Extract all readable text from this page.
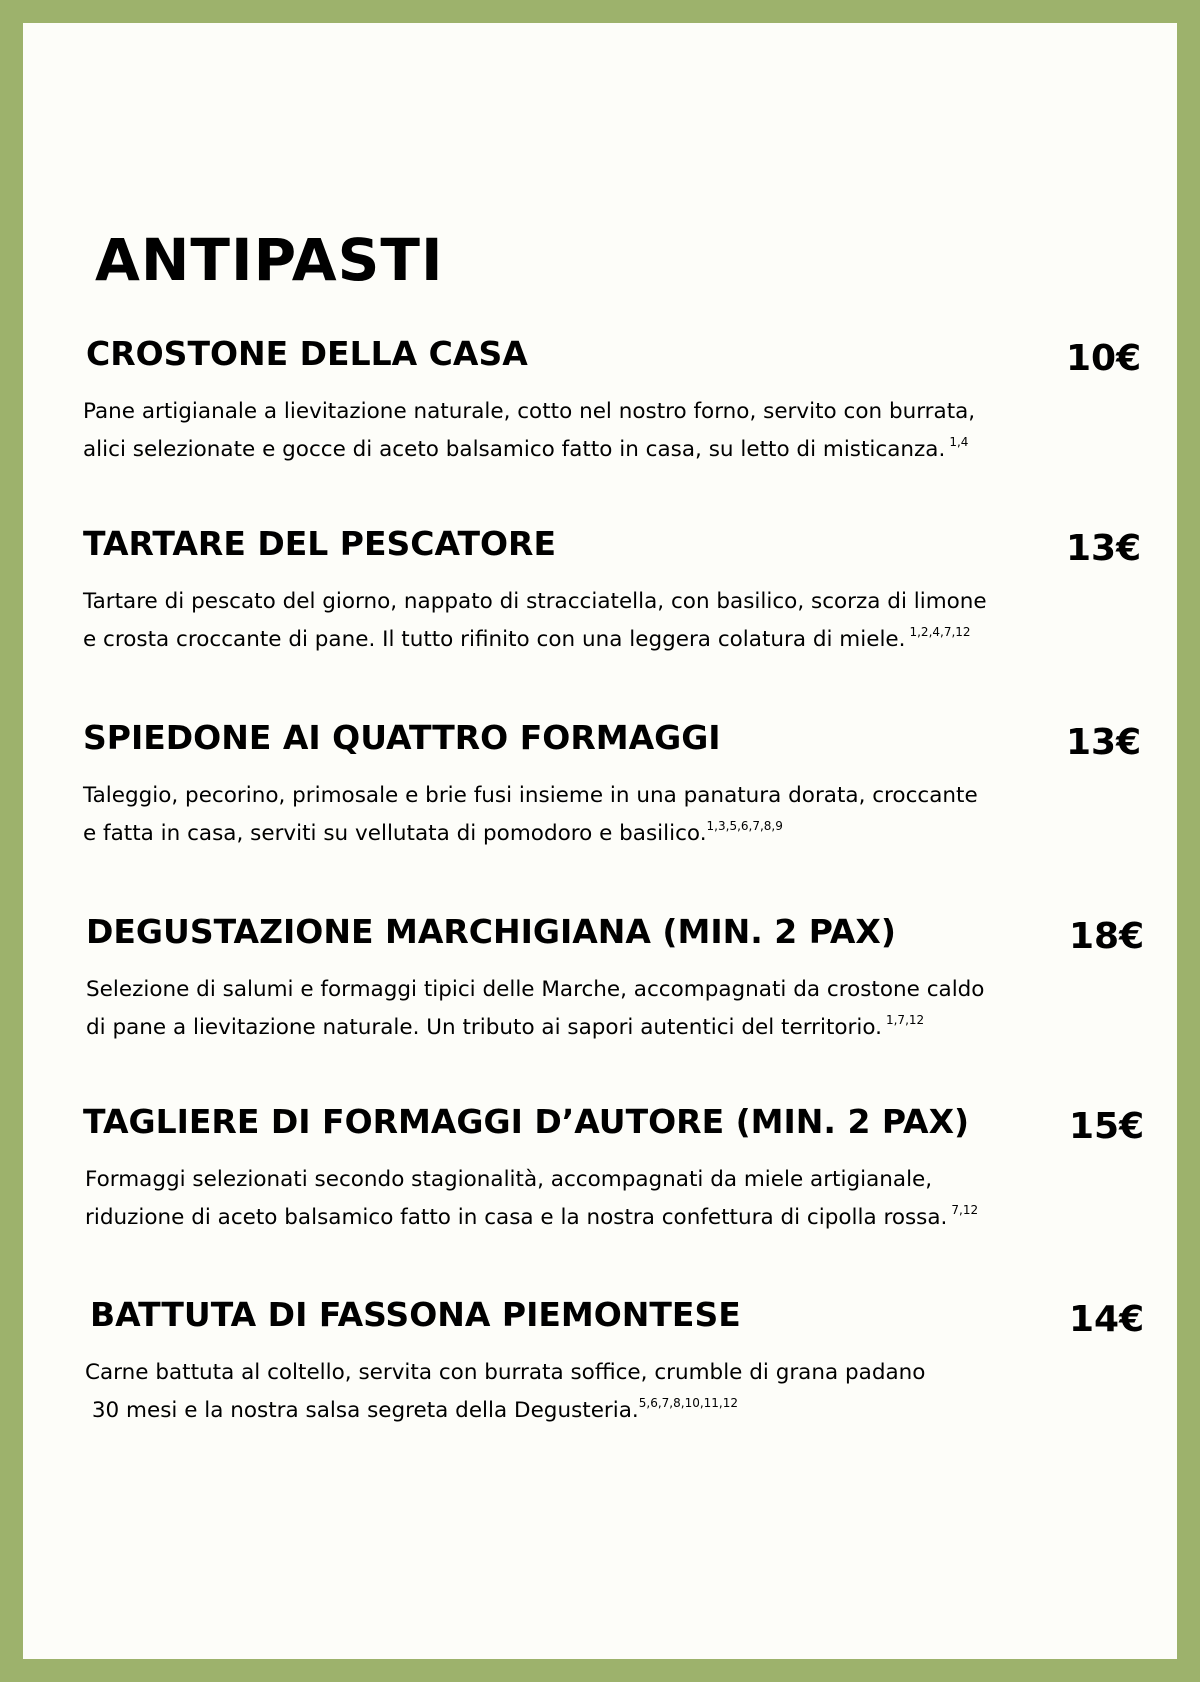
ANTIPASTI
CROSTONE DELLA CASA	10€

Pane artigianale a lievitazione naturale, cotto nel nostro forno, servito con burrata,
alici selezionate e gocce di aceto balsamico fatto in casa, su letto di misticanza. $^{1,4}$

TARTARE DEL PESCATORE	13€

Tartare di pescato del giorno, nappato di stracciatella, con basilico, scorza di limone
e crosta croccante di pane. Il tutto rifinito con una leggera colatura di miele. $^{1,2,4,7,12}$

SPIEDONE AI QUATTRO FORMAGGI	13€

Taleggio, pecorino, primosale e brie fusi insieme in una panatura dorata, croccante
e fatta in casa, serviti su vellutata di pomodoro e basilico.$^{1,3,5,6,7,8,9}$

DEGUSTAZIONE MARCHIGIANA (MIN. 2 PAX)	18€

Selezione di salumi e formaggi tipici delle Marche, accompagnati da crostone caldo
di pane a lievitazione naturale. Un tributo ai sapori autentici del territorio. $^{1,7,12}$

TAGLIERE DI FORMAGGI D’AUTORE (MIN. 2 PAX)	15€

Formaggi selezionati secondo stagionalità, accompagnati da miele artigianale,
riduzione di aceto balsamico fatto in casa e la nostra confettura di cipolla rossa. $^{7,12}$

BATTUTA DI FASSONA PIEMONTESE	14€

Carne battuta al coltello, servita con burrata soffice, crumble di grana padano
30 mesi e la nostra salsa segreta della Degusteria.$^{5,6,7,8,10,11,12}$
